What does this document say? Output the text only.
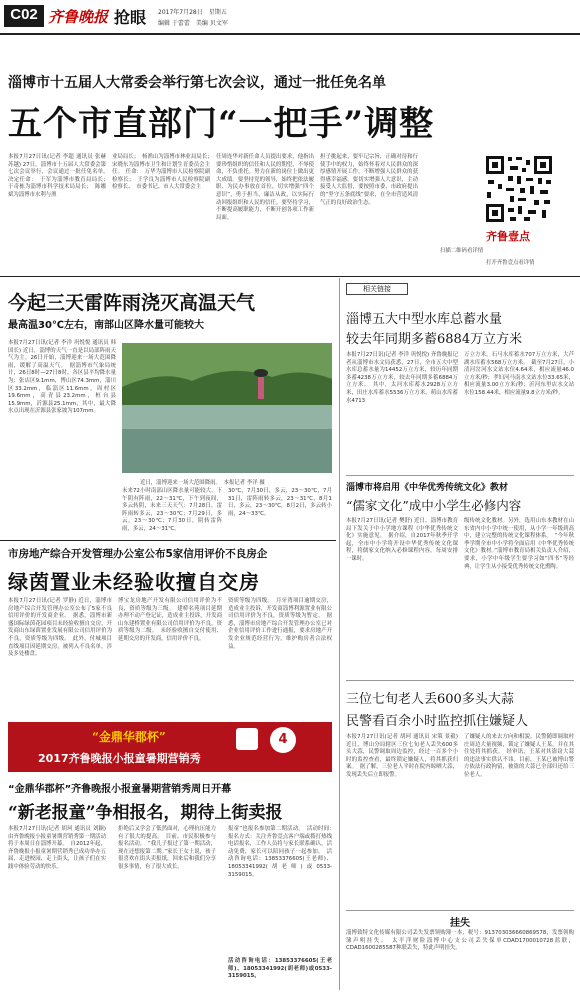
C02 齐鲁晚报 抢眼 2017年7月28日　星期五
编辑 于蕾蕾　美编 贝文军
淄博市十五届人大常委会举行第七次会议，通过一批任免名单
五个市直部门“一把手”调整
本报7月27日讯(记者 李超 通讯员 张赫 苏越) 27日，淄博市十五届人大常委会第七次会议举行，会议通过一批任免名单。　决定任命：　于军为淄博市教育局局长；　于奇栋为淄博市科学技术局局长；　陈娜斌为淄博市水利与渔
业局局长；　杨渔山为淄博市林业局局长；　宋晓东为淄博市卫生和计划生育委员会主任。　任命：　万华为淄博市人民检察院副检察长；　王学良为淄博市人民检察院副检察长、　市委书记、市人大常委会主
任周连华对新任命人员提出要求，他指出要珍惜组织的信任和人民的期望，不辱使命，不负重托。努力在新的岗位上做出更大成绩。要坚持党的领导，始终把依法履职、为民办事放在首位，切实增强“四个意识”，勇于担当，廉洁从政，以实际行动回报组织和人民的信任。要坚持学习，不断提高履职能力，不断开创各项工作新局面。
担子挑起来，要牢记宗旨，正确对待和行使手中的权力，始终怀着对人民群众的深厚感情开展工作，不断增强人民群众的获得感幸福感。要切实增强人大意识，主动接受人大监督，要按照市委、市政府提出的“坚守五条底线”要求，在全市营造风清气正的良好政治生态。
齐鲁壹点
扫描二维码看详情
打开齐鲁壹点看详情
今起三天雷阵雨浇灭高温天气
最高温30℃左右，南部山区降水量可能较大
本报7月27日讯(记者 李洋 巩悦悦 通讯员 韩国长) 近日，淄博的天气一直是以局部阵雨天气为主。26日开始，淄博迎来一场大范围降雨，缓解了高温天气。　据淄博市气象局统计，26日8时—27日8时，各区县平均降水量为：张店区9.1mm，博山区74.3mm，淄川区33.2mm，临淄区11.6mm，周村区19.6mm，高青县23.2mm，桓台县15.9mm，沂源县25.1mm，其中，最大降水点出现在沂源县张家坡为107mm。
近日，淄博迎来一场大范围降雨。　本报记者 李洋 摄
未来72小时南部山区降水量可能较大。下午阴有阵雨，22～31℃，下午到夜间，多云转阴，未来三天天气：7月28日，雷阵雨转多云，23～30℃；7月29日，多云，23～30℃；7月30日，阴转雷阵雨，多云，24～31℃。
30℃，7月30日，多云，23～30℃，7月31日，雷阵雨转多云，23～31℃，8月1日，多云，23～30℃，8月2日，多云转小雨，24～33℃。
市房地产综合开发管理办公室公布5家信用评价不良房企
绿茵置业未经验收擅自交房
本报7月27日讯(记者 罗静) 近日，淄博市房地产综合开发管理办公室公布了5家不良信用评价的开发商企业。　据悉，淄博市新盛国际绿茵花园项目未经验收擅自交房，开发商山东绿茵置业发展有限公司信用评价为不良，资质等级为四级。　此外，付城项目直线项目因延期交房，被列入不良名单，涉及多处楼盘。
博宝龙房地产开发有限公司信用评价为不良，资质等级为三级。　建桥名苑项目延期办理不动产登记证，造成业主投诉，开发商山东建桥置业有限公司信用评价为不良，资质等级为二级。　未经验收擅自交付使用、延期交房的开发商，信用评价不良。
资质等级为四级。　月牙湾项目逾期交房，造成业主投诉，开发商淄博利源置业有限公司信用评价为不良，资质等级为暂定。　据悉，淄博市房地产综合开发管理办公室已对企业信用评价工作进行通报，要求房地产开发企业规范经营行为，维护购房者合法权益。
“金鼎华郡杯”
2017齐鲁晚报小报童暑期营销秀
4
“金鼎华郡杯”齐鲁晚报小报童暑期营销秀周日开幕
“新老报童”争相报名，期待上街卖报
本报7月27日讯(记者 胡珂 通讯员 刘颖) 由齐鲁晚报小报童暑期营销秀第一期活动将于本周日在淄博开幕。　自2012年起，齐鲁晚报小报童暑期营销秀已成功举办五届，走进校园、走上街头，让孩子们在实践中体验劳动的快乐。
拒绝后又学会了低然面对，心理抗压能力有了很大的提高。　目前，市民积极参与报名活动。　“我儿子报过了第一期活动，现在还想报第二期。”家长王女士说，孩子很喜欢在街头卖报纸，回来后和我们分享很多事情，有了很大成长。
报童”也报名参加第二期活动。　活动时间：　报名方式：关注齐鲁壹点客户端或拨打热线电话报名，工作人员将与家长联系确认，活动免费，家长可以陪同孩子一起参加。　活动咨询电话：13853376605(王老师)、18053341992(胡老师)或0533-3159015。
活动咨询电话：13853376605(王老师)、18053341992(胡老师)或0533-3159015。
相关链接
淄博五大中型水库总蓄水量
较去年同期多蓄6884万立方米
本报7月27日讯(记者 李洋 巩悦悦) 齐鲁晚报记者从淄博市水文局获悉，27日，全市五大中型水库总蓄水量为14452万立方米，较历年同期多蓄4238万立方米，较去年同期多蓄6884万立方米。　其中，太河水库蓄水2928万立方米，田庄水库蓄水5536万立方米，萌山水库蓄水4713
万立方米，石马水库蓄水707万立方米，大芦湖水库蓄水568万立方米。　截至7月27日，小清河岔河水文站水位4.64米，相应流量46.0立方米/秒；孝妇河马南水文站水位33.65米，相应流量3.00立方米/秒；沂河东里店水文站水位158.44米，相应流量9.8立方米/秒。
淄博市将启用《中华优秀传统文化》教材
“儒家文化”成中小学生必修内容
本报7月27日讯(记者 樊舒) 近日，淄博市教育局下发关于中小学地方课程《中华优秀传统文化》实施意见。　据介绍，自2017年秋季开学起，全市中小学将开设中华优秀传统文化课程，将儒家文化纳入必修课程内容，每周安排一课时。
级传统文化教材。另外，选用山东本教材在山东省内中小学中统一使用，从小学一年级到高中，建立完整的传统文化课程体系。　“今年秋季学期全市中小学将全面启用《中华优秀传统文化》教材。”淄博市教育局相关负责人介绍，要求，小学中年级学生要学习如“四书”等经典，让学生从小接受优秀传统文化熏陶。
三位七旬老人丢600多头大蒜
民警看百余小时监控抓住嫌疑人
本报7月27日讯(记者 胡珂 通讯员 宋策 景毅) 近日，博山分局辖区三位七旬老人丢失600多头大蒜，民警调取周边监控，经过一百多个小时的监控查看，最终锁定嫌疑人，将其抓获归案。　据了解，三位老人平时在院内晾晒大蒜，发现丢失后立即报警。
了嫌疑人的来去方向和相貌。民警随即调取村庄周边大量视频，锁定了嫌疑人王某，并在其住处将其抓获。　经审讯，王某对其盗窃大蒜的违法事实供认不讳。目前，王某已被博山警方依法行政拘留，被盗的大蒜已全部归还给三位老人。
挂失
淄博致特文化传媒有限公司丢失发票领购簿一本，税号：913703036660869578，发票领购簿声明挂失。　太平洋财险淄博中心支公司丢失保单CDAD1700010728蓝联，CDAD1600285587种联丢失，特此声明挂失。
